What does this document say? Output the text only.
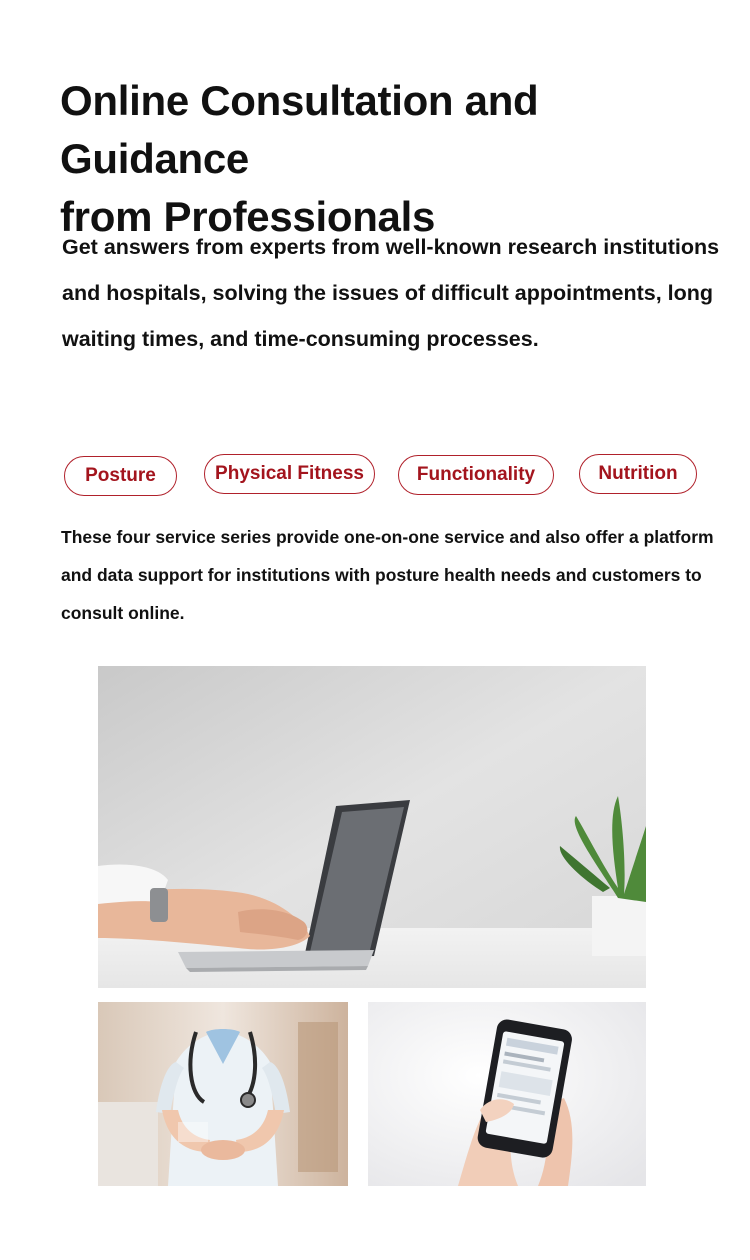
Online Consultation and Guidance
from Professionals

Get answers from experts from well-known research institutions and hospitals, solving the issues of difficult appointments, long waiting times, and time-consuming processes.

Posture	Physical Fitness	Functionality	Nutrition

These four service series provide one-on-one service and also offer a platform and data support for institutions with posture health needs and customers to consult online.
